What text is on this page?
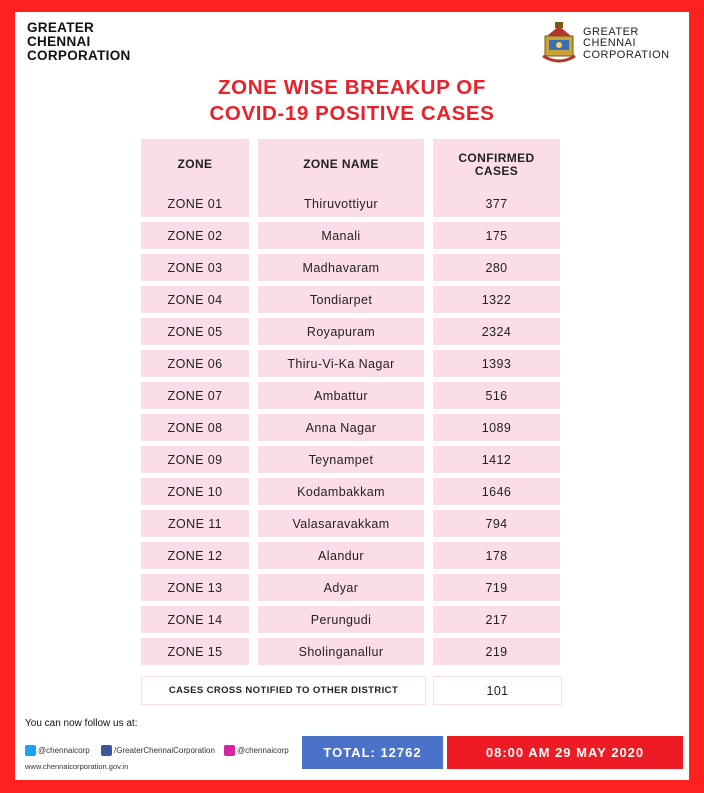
GREATER
CHENNAI
CORPORATION
GREATER
CHENNAI
CORPORATION
ZONE WISE BREAKUP OF
COVID-19 POSITIVE CASES
You can now follow us at:
@chennaicorp	/GreaterChennaiCorporation	@chennaicorp
www.chennaicorporation.gov.in
TOTAL: 12762	08:00 AM 29 MAY 2020
ZONE	ZONE NAME	CONFIRMED
CASES
ZONE 01	Thiruvottiyur	377
ZONE 02	Manali	175
ZONE 03	Madhavaram	280
ZONE 04	Tondiarpet	1322
ZONE 05	Royapuram	2324
ZONE 06	Thiru-Vi-Ka Nagar	1393
ZONE 07	Ambattur	516
ZONE 08	Anna Nagar	1089
ZONE 09	Teynampet	1412
ZONE 10	Kodambakkam	1646
ZONE 11	Valasaravakkam	794
ZONE 12	Alandur	178
ZONE 13	Adyar	719
ZONE 14	Perungudi	217
ZONE 15	Sholinganallur	219
CASES CROSS NOTIFIED TO OTHER DISTRICT	101
